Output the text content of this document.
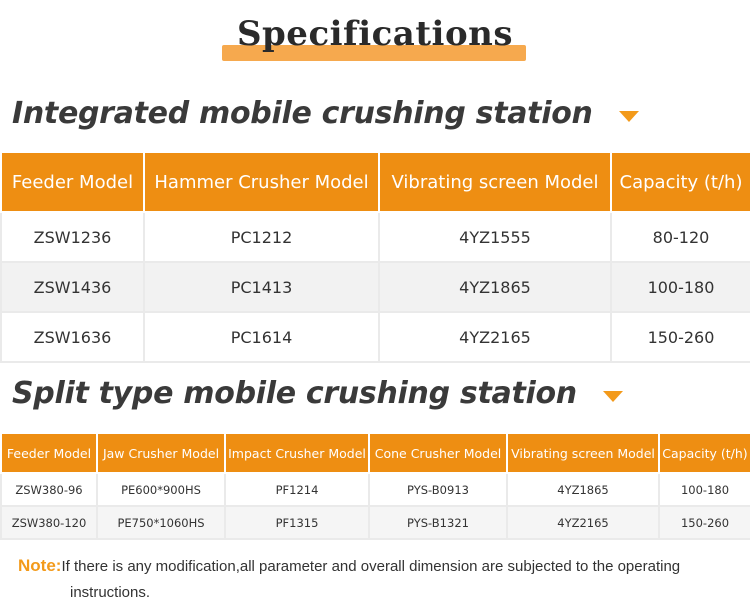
Specifications
Integrated mobile crushing station
Feeder Model	Hammer Crusher Model	Vibrating screen Model	Capacity (t/h)
ZSW1236	PC1212	4YZ1555	80-120
ZSW1436	PC1413	4YZ1865	100-180
ZSW1636	PC1614	4YZ2165	150-260
Split type mobile crushing station
Feeder Model	Jaw Crusher Model	Impact Crusher Model	Cone Crusher Model	Vibrating screen Model	Capacity (t/h)
ZSW380-96	PE600*900HS	PF1214	PYS-B0913	4YZ1865	100-180
ZSW380-120	PE750*1060HS	PF1315	PYS-B1321	4YZ2165	150-260
Note:If there is any modification,all parameter and overall dimension are subjected to the operating
instructions.
